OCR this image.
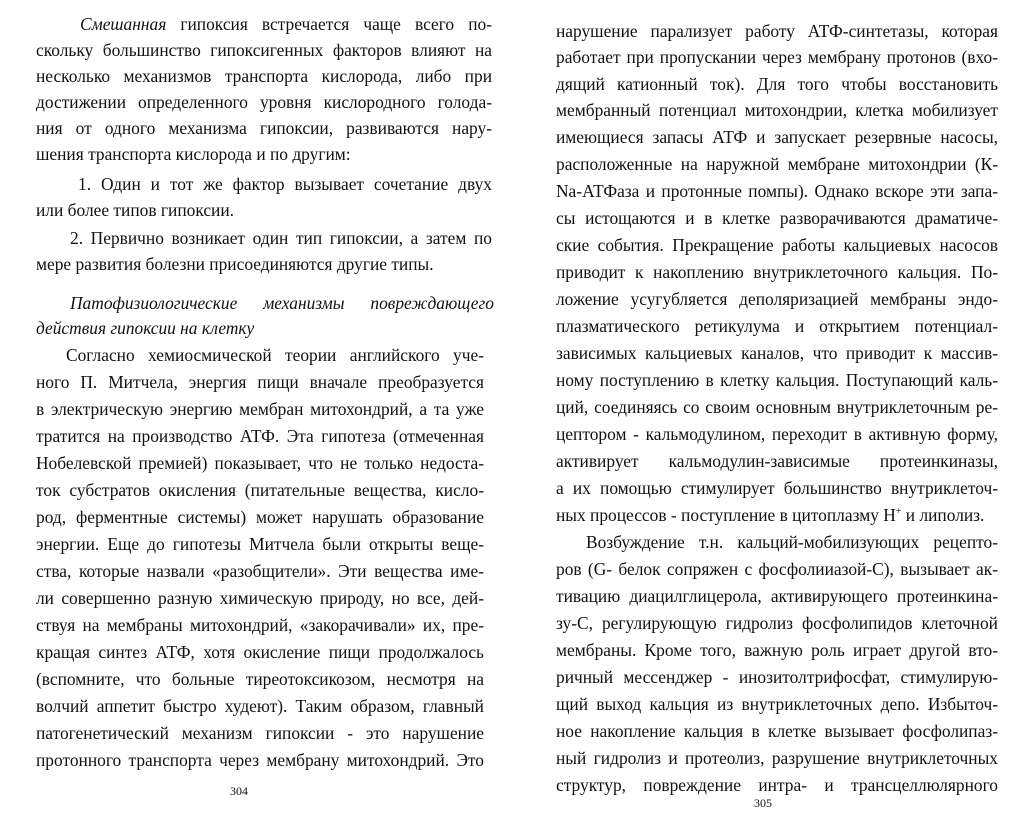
Смешанная гипоксия встречается чаще всего по-
скольку большинство гипоксигенных факторов влияют на
несколько механизмов транспорта кислорода, либо при
достижении определенного уровня кислородного голода-
ния от одного механизма гипоксии, развиваются нару-
шения транспорта кислорода и по другим:
1. Один и тот же фактор вызывает сочетание двух
или более типов гипоксии.
2. Первично возникает один тип гипоксии, а затем по
мере развития болезни присоединяются другие типы.
Патофизиологические механизмы повреждающего
действия гипоксии на клетку
Согласно хемиосмической теории английского уче-
ного П. Митчела, энергия пищи вначале преобразуется
в электрическую энергию мембран митохондрий, а та уже
тратится на производство АТФ. Эта гипотеза (отмеченная
Нобелевской премией) показывает, что не только недоста-
ток субстратов окисления (питательные вещества, кисло-
род, ферментные системы) может нарушать образование
энергии. Еще до гипотезы Митчела были открыты веще-
ства, которые назвали «разобщители». Эти вещества име-
ли совершенно разную химическую природу, но все, дей-
ствуя на мембраны митохондрий, «закорачивали» их, пре-
кращая синтез АТФ, хотя окисление пищи продолжалось
(вспомните, что больные тиреотоксикозом, несмотря на
волчий аппетит быстро худеют). Таким образом, главный
патогенетический механизм гипоксии - это нарушение
протонного транспорта через мембрану митохондрий. Это
304
нарушение парализует работу АТФ-синтетазы, которая
работает при пропускании через мембрану протонов (вхо-
дящий катионный ток). Для того чтобы восстановить
мембранный потенциал митохондрии, клетка мобилизует
имеющиеся запасы АТФ и запускает резервные насосы,
расположенные на наружной мембране митохондрии (К-
Na-АТФаза и протонные помпы). Однако вскоре эти запа-
сы истощаются и в клетке разворачиваются драматиче-
ские события. Прекращение работы кальциевых насосов
приводит к накоплению внутриклеточного кальция. По-
ложение усугубляется деполяризацией мембраны эндо-
плазматического ретикулума и открытием потенциал-
зависимых кальциевых каналов, что приводит к массив-
ному поступлению в клетку кальция. Поступающий каль-
ций, соединяясь со своим основным внутриклеточным ре-
цептором - кальмодулином, переходит в активную форму,
активирует кальмодулин-зависимые протеинкиназы,
а их помощью стимулирует большинство внутриклеточ-
ных процессов - поступление в цитоплазму Н+ и липолиз.
Возбуждение т.н. кальций-мобилизующих рецепто-
ров (G- белок сопряжен с фосфолииазой-С), вызывает ак-
тивацию диацилглицерола, активирующего протеинкина-
зу-С, регулирующую гидролиз фосфолипидов клеточной
мембраны. Кроме того, важную роль играет другой вто-
ричный мессенджер - инозитолтрифосфат, стимулирую-
щий выход кальция из внутриклеточных депо. Избыточ-
ное накопление кальция в клетке вызывает фосфолипаз-
ный гидролиз и протеолиз, разрушение внутриклеточных
структур, повреждение интра- и трансцеллюлярного
305
